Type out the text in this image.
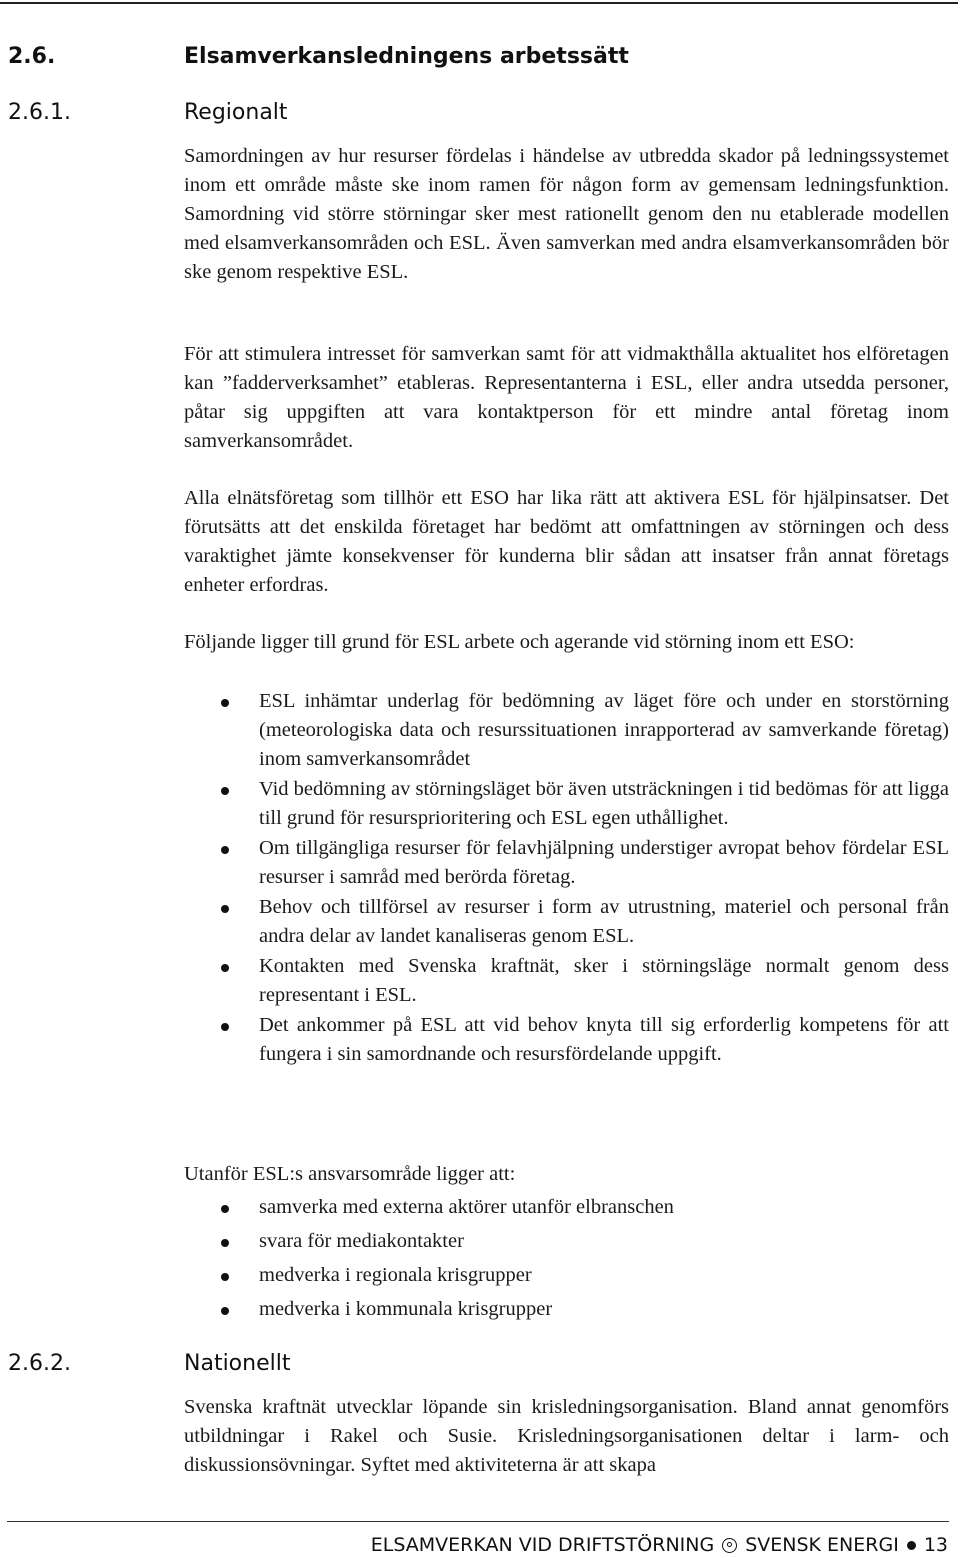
2.6.	Elsamverkansledningens arbetssätt
2.6.1.	Regionalt
Samordningen av hur resurser fördelas i händelse av utbredda skador på ledningssystemet inom ett område måste ske inom ramen för någon form av gemensam ledningsfunktion. Samordning vid större störningar sker mest rationellt genom den nu etablerade modellen med elsamverkansområden och ESL. Även samverkan med andra elsamverkansområden bör ske genom respektive ESL.
För att stimulera intresset för samverkan samt för att vidmakthålla aktualitet hos elföretagen kan ”fadderverksamhet” etableras. Representanterna i ESL, eller andra utsedda personer, påtar sig uppgiften att vara kontaktperson för ett mindre antal företag inom samverkansområdet.
Alla elnätsföretag som tillhör ett ESO har lika rätt att aktivera ESL för hjälpinsatser. Det förutsätts att det enskilda företaget har bedömt att omfattningen av störningen och dess varaktighet jämte konsekvenser för kunderna blir sådan att insatser från annat företags enheter erfordras.
Följande ligger till grund för ESL arbete och agerande vid störning inom ett ESO:
ESL inhämtar underlag för bedömning av läget före och under en storstörning (meteorologiska data och resurssituationen inrapporterad av samverkande företag) inom samverkansområdet
Vid bedömning av störningsläget bör även utsträckningen i tid bedömas för att ligga till grund för resursprioritering och ESL egen uthållighet.
Om tillgängliga resurser för felavhjälpning understiger avropat behov fördelar ESL resurser i samråd med berörda företag.
Behov och tillförsel av resurser i form av utrustning, materiel och personal från andra delar av landet kanaliseras genom ESL.
Kontakten med Svenska kraftnät, sker i störningsläge normalt genom dess representant i ESL.
Det ankommer på ESL att vid behov knyta till sig erforderlig kompetens för att fungera i sin samordnande och resursfördelande uppgift.
Utanför ESL:s ansvarsområde ligger att:
samverka med externa aktörer utanför elbranschen
svara för mediakontakter
medverka i regionala krisgrupper
medverka i kommunala krisgrupper
2.6.2.	Nationellt
Svenska kraftnät utvecklar löpande sin krisledningsorganisation. Bland annat genomförs utbildningar i Rakel och Susie. Krisledningsorganisationen deltar i larm- och diskussionsövningar. Syftet med aktiviteterna är att skapa
ELSAMVERKAN VID DRIFTSTÖRNING SVENSK ENERGI 13
